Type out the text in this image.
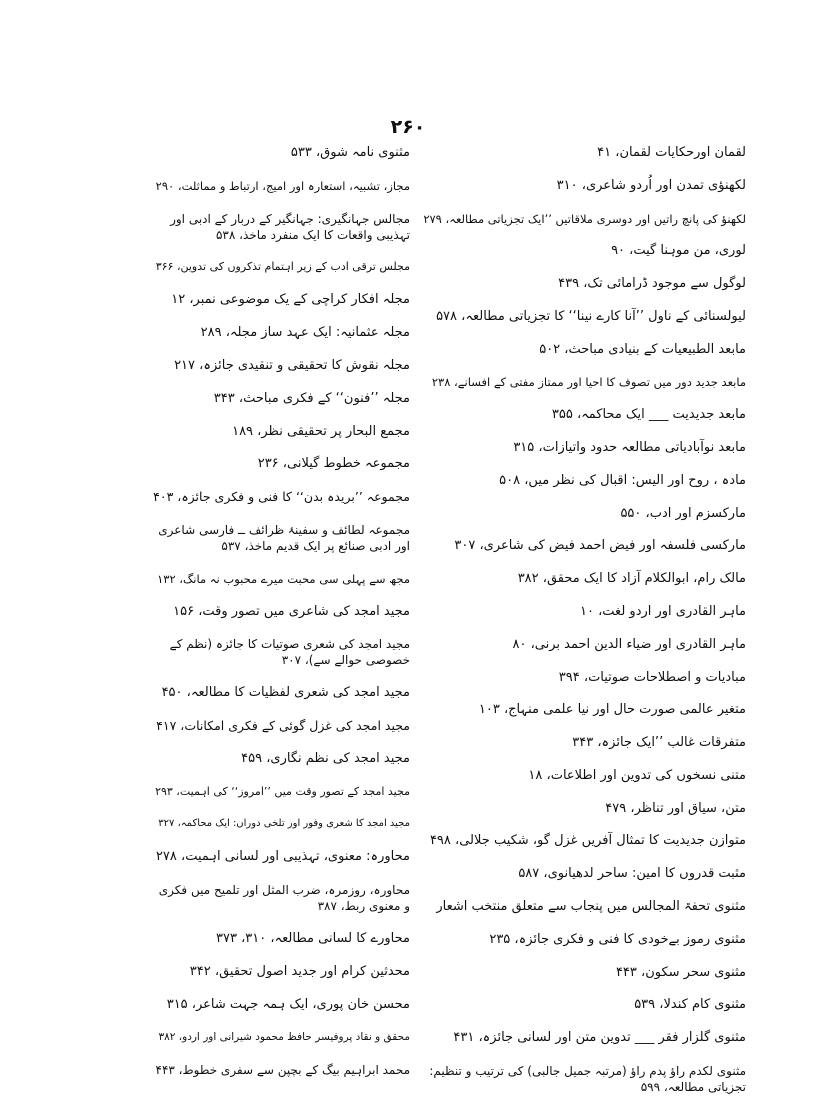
۲۶۰
لقمان اورحکایات لقمان، ۴۱
لکھنؤی تمدن اور اُردو شاعری، ۳۱۰
لکھنؤ کی پانچ راتیں اور دوسری ملاقاتیں ’’ایک تجزیاتی مطالعہ، ۲۷۹
لوری، من موہنا گیت، ۹۰
لوگول سے موجود ڈرامائی تک، ۴۳۹
لیولسنائی کے ناول ’’آنا کارے نینا‘‘ کا تجزیاتی مطالعہ، ۵۷۸
مابعد الطبیعیات کے بنیادی مباحث، ۵۰۲
مابعد جدید دور میں تصوف کا احیا اور ممتاز مفتی کے افسانے، ۲۳۸
مابعد جدیدیت ___ ایک محاکمہ، ۳۵۵
مابعد نوآبادیاتی مطالعہ حدود واتیازات، ۳۱۵
مادہ ، روح اور الیس: اقبال کی نظر میں، ۵۰۸
مارکسزم اور ادب، ۵۵۰
مارکسی فلسفہ اور فیض احمد فیض کی شاعری، ۳۰۷
مالک رام، ابوالکلام آزاد کا ایک محقق، ۳۸۲
ماہر القادری اور اردو لغت، ۱۰
ماہر القادری اور ضیاء الدین احمد برنی، ۸۰
مبادیات و اصطلاحات صوتیات، ۳۹۴
متغیر عالمی صورت حال اور نیا علمی منہاج، ۱۰۳
متفرقات غالب ’’ایک جائزہ، ۳۴۳
متنی نسخوں کی تدوین اور اطلاعات، ۱۸
متن، سیاق اور تناظر، ۴۷۹
متوازن جدیدیت کا تمثال آفریں غزل گو، شکیب جلالی، ۴۹۸
مثبت قدروں کا امین: ساحر لدھیانوی، ۵۸۷
مثنوی تحفۃ المجالس میں پنجاب سے متعلق منتخب اشعار
مثنوی رموز بےخودی کا فنی و فکری جائزہ، ۲۳۵
مثنوی سحر سکون، ۴۴۳
مثنوی کام کندلا، ۵۳۹
مثنوی گلزار فقر ___ تدوین متن اور لسانی جائزہ، ۴۳۱
مثنوی لکدم راؤ پدم راؤ (مرتبہ جمیل جالبی) کی ترتیب و تنظیم: تجزیاتی مطالعہ، ۵۹۹
مثنوی نامہ شوق، ۵۳۳
مجاز، تشبیہ، استعارہ اور امیج، ارتباط و مماثلت، ۲۹۰
مجالس جہانگیری: جہانگیر کے دربار کے ادبی اور تہذیبی واقعات کا ایک منفرد ماخذ، ۵۳۸
مجلس ترقی ادب کے زیر اہتمام تذکروں کی تدوین، ۳۶۶
مجلہ افکار کراچی کے یک موضوعی نمبر، ۱۲
مجلہ عثمانیہ: ایک عہد ساز مجلہ، ۲۸۹
مجلہ نقوش کا تحقیقی و تنقیدی جائزہ، ۲۱۷
مجلہ ’’فنون‘‘ کے فکری مباحث، ۳۴۳
مجمع البحار پر تحقیقی نظر، ۱۸۹
مجموعہ خطوط گیلانی، ۲۳۶
مجموعہ ’’بریدہ بدن‘‘ کا فنی و فکری جائزہ، ۴۰۳
مجموعہ لطائف و سفینۂ ظرائف ــ فارسی شاعری اور ادبی صنائع پر ایک قدیم ماخذ، ۵۳۷
مجھ سے پہلی سی محبت میرے محبوب نہ مانگ، ۱۳۲
مجید امجد کی شاعری میں تصور وقت، ۱۵۶
مجید امجد کی شعری صوتیات کا جائزہ (نظم کے خصوصی حوالے سے)، ۳۰۷
مجید امجد کی شعری لفظیات کا مطالعہ، ۴۵۰
مجید امجد کی غزل گوئی کے فکری امکانات، ۴۱۷
مجید امجد کی نظم نگاری، ۴۵۹
مجید امجد کے تصور وقت میں ’’امروز‘‘ کی اہمیت، ۲۹۳
مجید امجد کا شعری وفور اور تلخی دوراں: ایک محاکمہ، ۳۲۷
محاورہ: معنوی، تہذیبی اور لسانی اہمیت، ۲۷۸
محاورہ، روزمرہ، ضرب المثل اور تلمیح میں فکری و معنوی ربط، ۳۸۷
محاورے کا لسانی مطالعہ، ۳۱۰، ۳۷۳
محدثین کرام اور جدید اصول تحقیق، ۳۴۲
محسن خان پوری، ایک ہمہ جہت شاعر، ۳۱۵
محقق و نقاد پروفیسر حافظ محمود شیرانی اور اردو، ۳۸۲
محمد ابراہیم بیگ کے بچپن سے سفری خطوط، ۴۴۳
